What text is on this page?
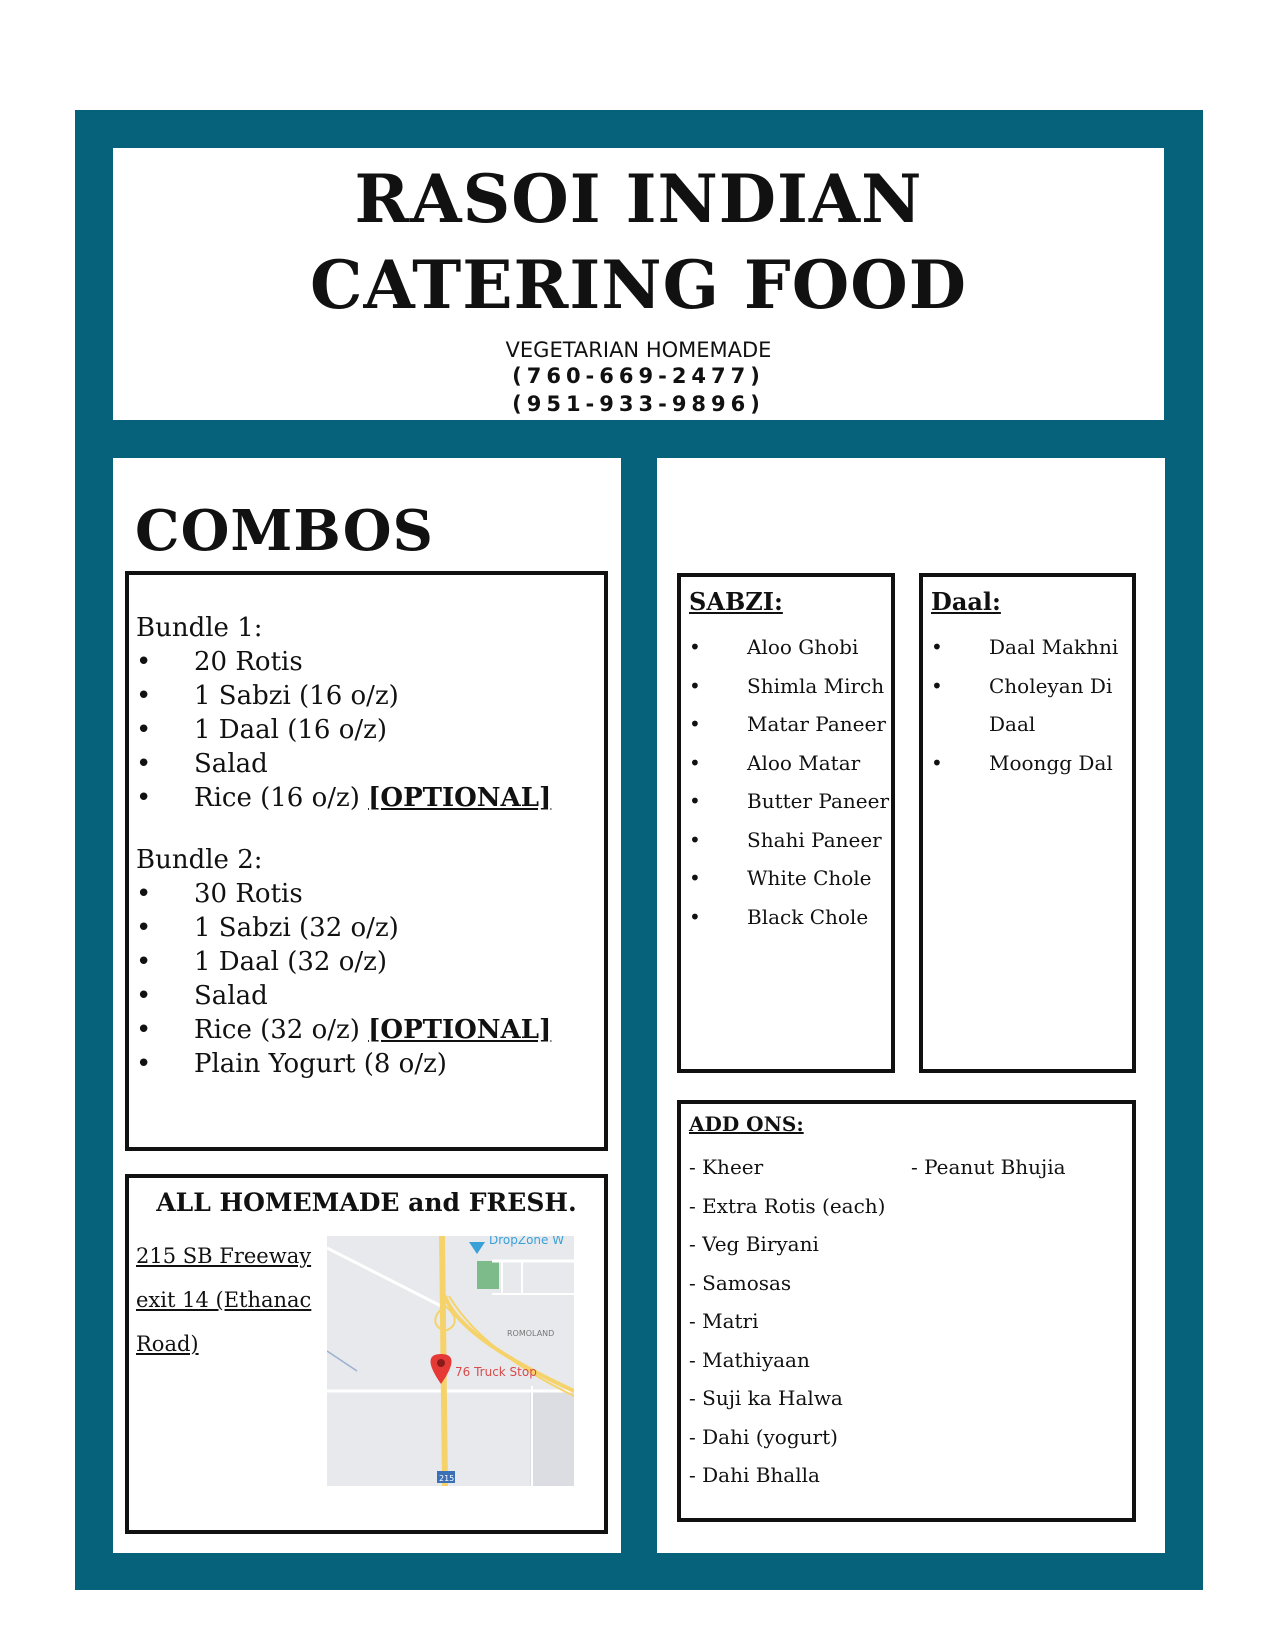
RASOI INDIAN
CATERING FOOD
VEGETARIAN HOMEMADE
(760-669-2477)
(951-933-9896)
COMBOS
Bundle 1:
• 20 Rotis
• 1 Sabzi (16 o/z)
• 1 Daal (16 o/z)
• Salad
• Rice (16 o/z) [OPTIONAL]
Bundle 2:
• 30 Rotis
• 1 Sabzi (32 o/z)
• 1 Daal (32 o/z)
• Salad
• Rice (32 o/z) [OPTIONAL]
• Plain Yogurt (8 o/z)
ALL HOMEMADE and FRESH.
215 SB Freeway exit 14 (Ethanac Road)
DropZone W
ROMOLAND
76 Truck Stop
215
SABZI:
• Aloo Ghobi
• Shimla Mirch
• Matar Paneer
• Aloo Matar
• Butter Paneer
• Shahi Paneer
• White Chole
• Black Chole
Daal:
• Daal Makhni
• Choleyan Di Daal
• Moongg Dal
ADD ONS:
- Kheer
- Extra Rotis (each)
- Veg Biryani
- Samosas
- Matri
- Mathiyaan
- Suji ka Halwa
- Dahi (yogurt)
- Dahi Bhalla
- Peanut Bhujia
